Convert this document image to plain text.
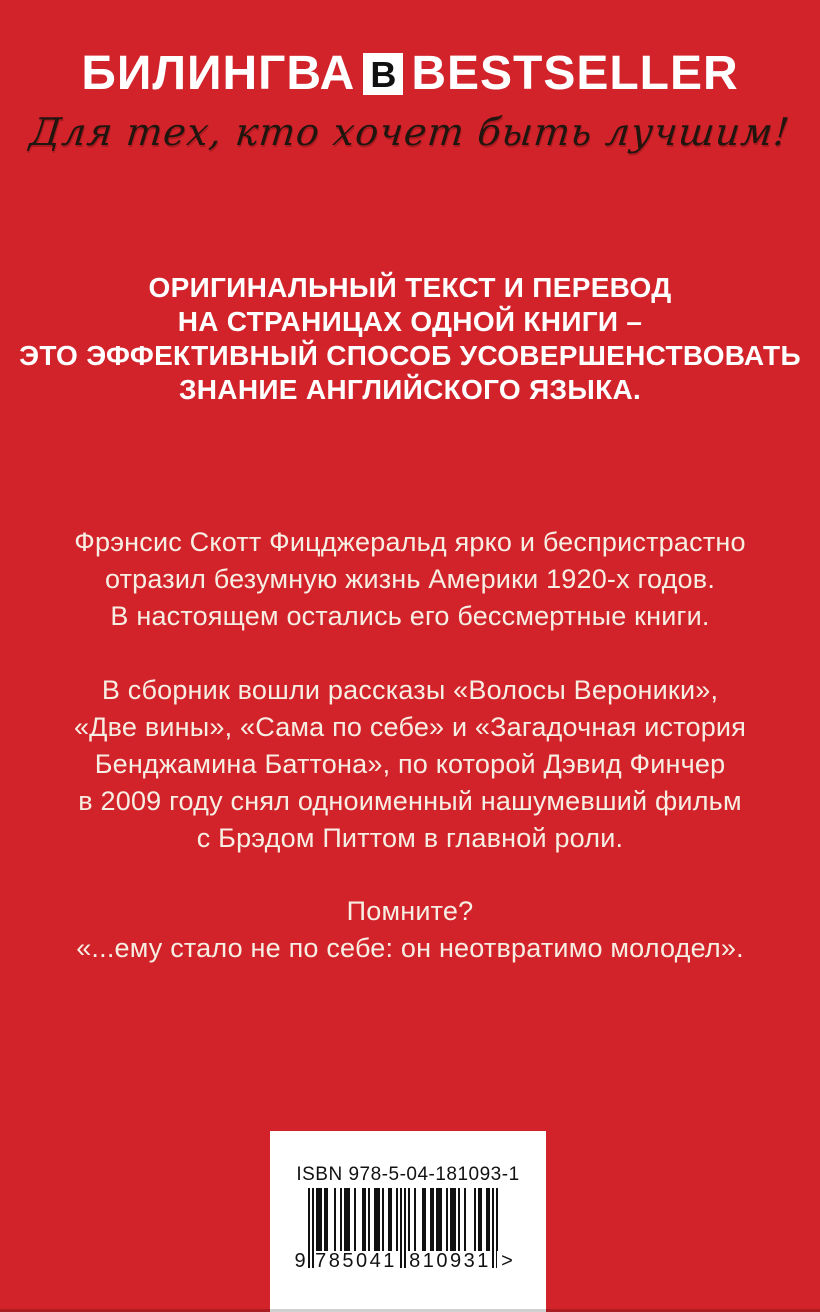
БИЛИНГВА В BESTSELLER
Для тех, кто хочет быть лучшим!
ОРИГИНАЛЬНЫЙ ТЕКСТ И ПЕРЕВОД
НА СТРАНИЦАХ ОДНОЙ КНИГИ –
ЭТО ЭФФЕКТИВНЫЙ СПОСОБ УСОВЕРШЕНСТВОВАТЬ
ЗНАНИЕ АНГЛИЙСКОГО ЯЗЫКА.
Фрэнсис Скотт Фицджеральд ярко и беспристрастно
отразил безумную жизнь Америки 1920-х годов.
В настоящем остались его бессмертные книги.
В сборник вошли рассказы «Волосы Вероники»,
«Две вины», «Сама по себе» и «Загадочная история
Бенджамина Баттона», по которой Дэвид Финчер
в 2009 году снял одноименный нашумевший фильм
с Брэдом Питтом в главной роли.
Помните?
«...ему стало не по себе: он неотвратимо молодел».
ISBN 978-5-04-181093-1
9 785041 810931 >
